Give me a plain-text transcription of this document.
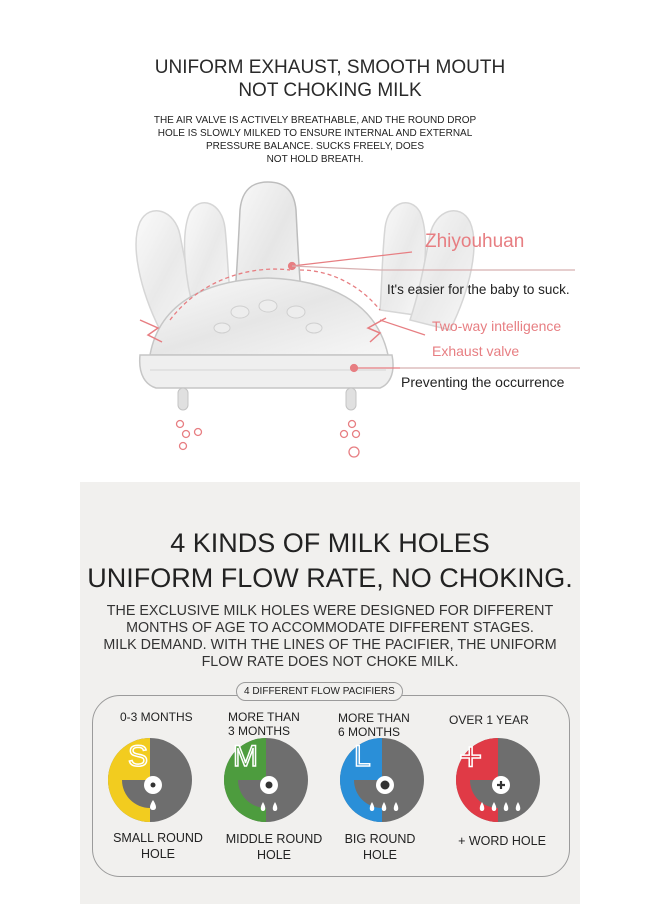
UNIFORM EXHAUST, SMOOTH MOUTH
NOT CHOKING MILK
THE AIR VALVE IS ACTIVELY BREATHABLE, AND THE ROUND DROP
HOLE IS SLOWLY MILKED TO ENSURE INTERNAL AND EXTERNAL
PRESSURE BALANCE. SUCKS FREELY, DOES
NOT HOLD BREATH.
Zhiyouhuan
It's easier for the baby to suck.
Two-way intelligence
Exhaust valve
Preventing the occurrence
4 KINDS OF MILK HOLES
UNIFORM FLOW RATE, NO CHOKING.
THE EXCLUSIVE MILK HOLES WERE DESIGNED FOR DIFFERENT
MONTHS OF AGE TO ACCOMMODATE DIFFERENT STAGES.
MILK DEMAND. WITH THE LINES OF THE PACIFIER, THE UNIFORM
FLOW RATE DOES NOT CHOKE MILK.
4 DIFFERENT FLOW PACIFIERS
0-3 MONTHS	MORE THAN
3 MONTHS
MORE THAN
6 MONTHS
OVER 1 YEAR
S	M	L +
SMALL ROUND
HOLE
MIDDLE ROUND
HOLE
BIG ROUND
HOLE
+ WORD HOLE
